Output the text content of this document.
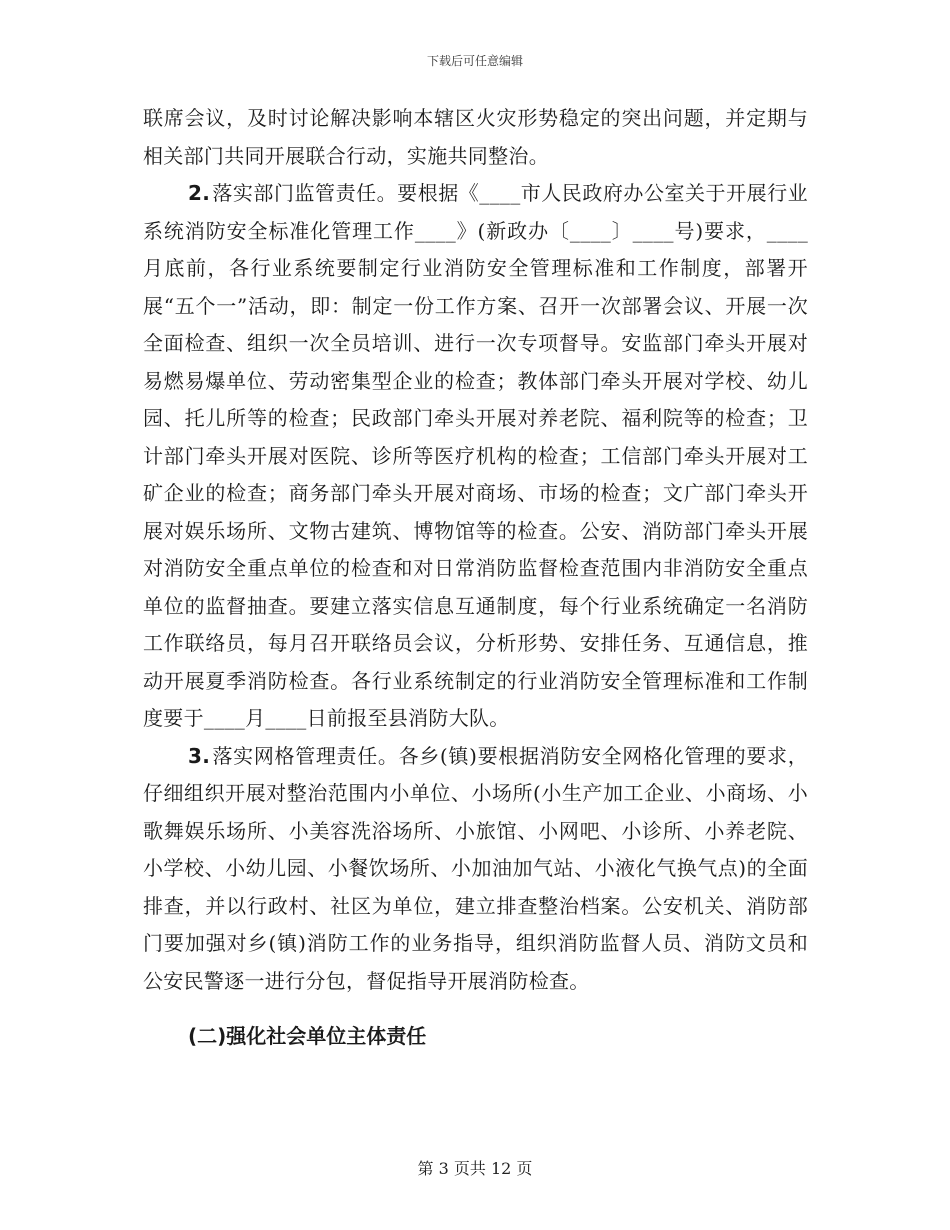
下载后可任意编辑

联席会议，及时讨论解决影响本辖区火灾形势稳定的突出问题，并定期与相关部门共同开展联合行动，实施共同整治。

2. 落实部门监管责任。要根据《____市人民政府办公室关于开展行业系统消防安全标准化管理工作____》(新政办〔____〕____号)要求，____月底前，各行业系统要制定行业消防安全管理标准和工作制度，部署开展“五个一”活动，即：制定一份工作方案、召开一次部署会议、开展一次全面检查、组织一次全员培训、进行一次专项督导。安监部门牵头开展对易燃易爆单位、劳动密集型企业的检查；教体部门牵头开展对学校、幼儿园、托儿所等的检查；民政部门牵头开展对养老院、福利院等的检查；卫计部门牵头开展对医院、诊所等医疗机构的检查；工信部门牵头开展对工矿企业的检查；商务部门牵头开展对商场、市场的检查；文广部门牵头开展对娱乐场所、文物古建筑、博物馆等的检查。公安、消防部门牵头开展对消防安全重点单位的检查和对日常消防监督检查范围内非消防安全重点单位的监督抽查。要建立落实信息互通制度，每个行业系统确定一名消防工作联络员，每月召开联络员会议，分析形势、安排任务、互通信息，推动开展夏季消防检查。各行业系统制定的行业消防安全管理标准和工作制度要于____月____日前报至县消防大队。

3. 落实网格管理责任。各乡(镇)要根据消防安全网格化管理的要求，仔细组织开展对整治范围内小单位、小场所(小生产加工企业、小商场、小歌舞娱乐场所、小美容洗浴场所、小旅馆、小网吧、小诊所、小养老院、小学校、小幼儿园、小餐饮场所、小加油加气站、小液化气换气点)的全面排查，并以行政村、社区为单位，建立排查整治档案。公安机关、消防部门要加强对乡(镇)消防工作的业务指导，组织消防监督人员、消防文员和公安民警逐一进行分包，督促指导开展消防检查。

(二)强化社会单位主体责任

第 3 页共 12 页
